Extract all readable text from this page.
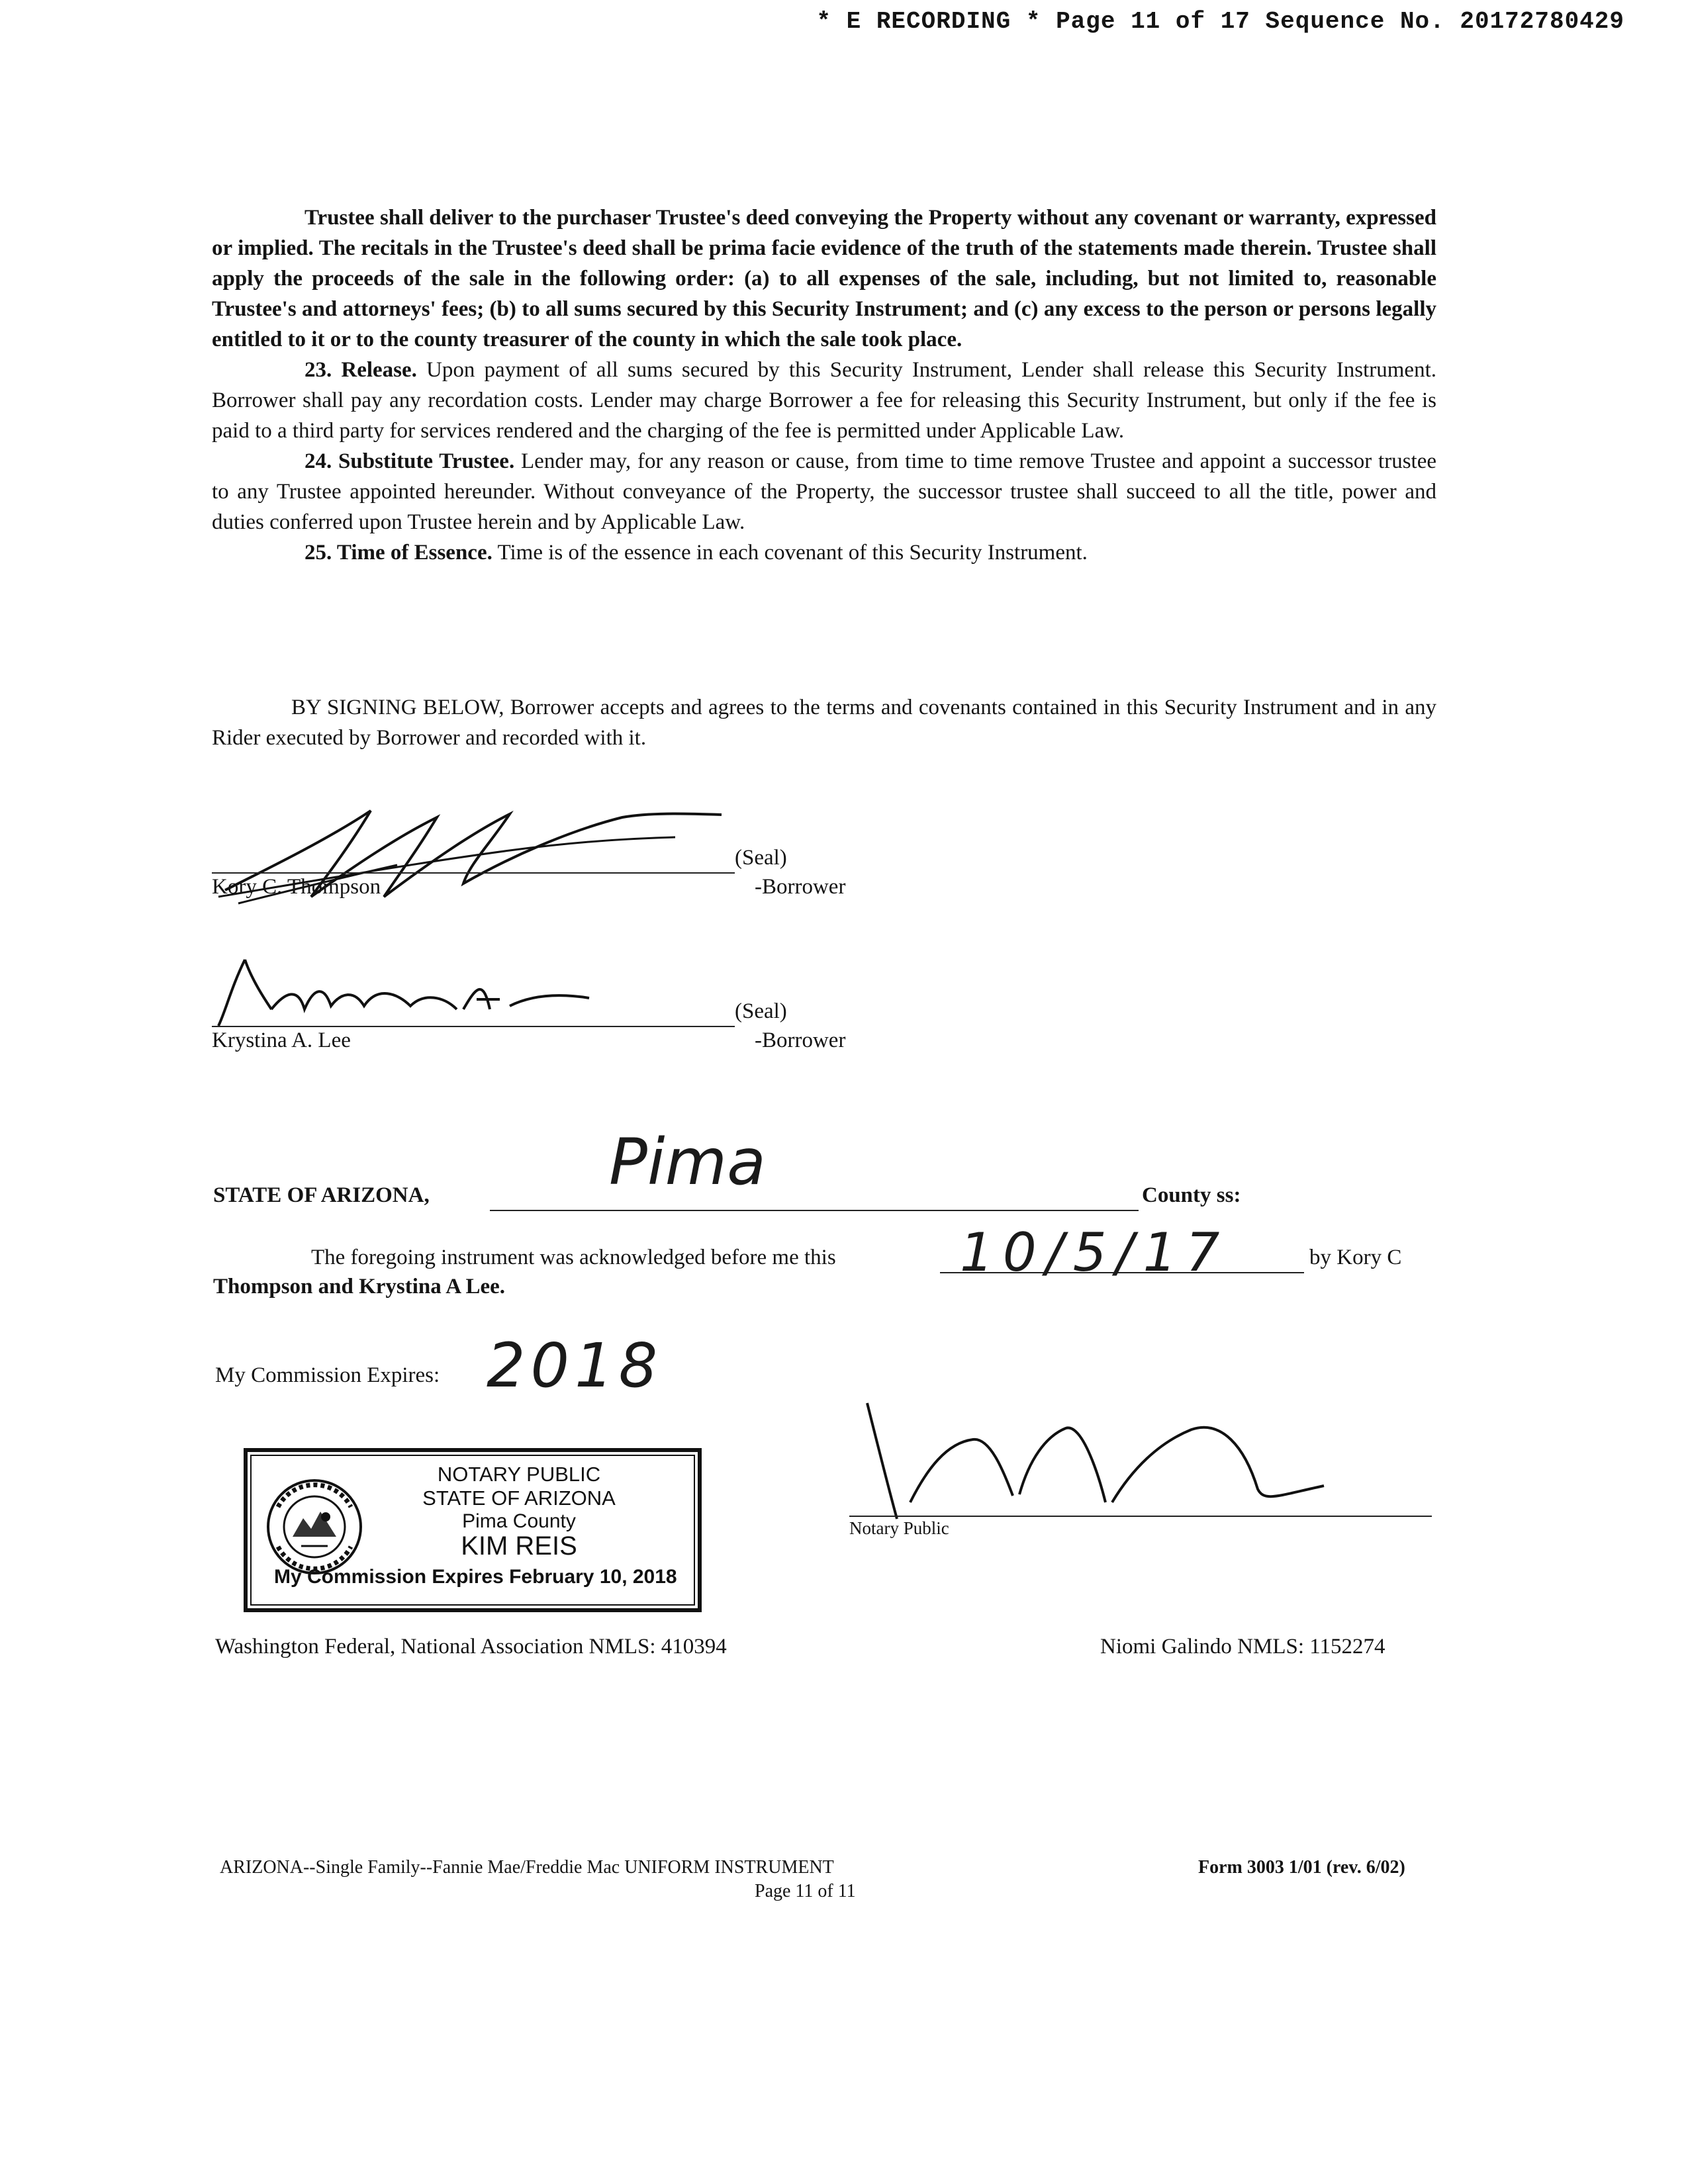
* E RECORDING * Page 11 of 17 Sequence No. 20172780429

Trustee shall deliver to the purchaser Trustee's deed conveying the Property without any covenant or warranty, expressed or implied. The recitals in the Trustee's deed shall be prima facie evidence of the truth of the statements made therein. Trustee shall apply the proceeds of the sale in the following order: (a) to all expenses of the sale, including, but not limited to, reasonable Trustee's and attorneys' fees; (b) to all sums secured by this Security Instrument; and (c) any excess to the person or persons legally entitled to it or to the county treasurer of the county in which the sale took place.

23. Release. Upon payment of all sums secured by this Security Instrument, Lender shall release this Security Instrument. Borrower shall pay any recordation costs. Lender may charge Borrower a fee for releasing this Security Instrument, but only if the fee is paid to a third party for services rendered and the charging of the fee is permitted under Applicable Law.

24. Substitute Trustee. Lender may, for any reason or cause, from time to time remove Trustee and appoint a successor trustee to any Trustee appointed hereunder. Without conveyance of the Property, the successor trustee shall succeed to all the title, power and duties conferred upon Trustee herein and by Applicable Law.

25. Time of Essence. Time is of the essence in each covenant of this Security Instrument.

BY SIGNING BELOW, Borrower accepts and agrees to the terms and covenants contained in this Security Instrument and in any Rider executed by Borrower and recorded with it.

(Seal)
Kory C. Thompson	-Borrower
(Seal)
Krystina A. Lee	-Borrower
STATE OF ARIZONA,	Pima	County ss:
The foregoing instrument was acknowledged before me this 10/5/17	by Kory C
Thompson and Krystina A Lee.
My Commission Expires: 2018
NOTARY PUBLIC
STATE OF ARIZONA
Pima County
KIM REIS
My Commission Expires February 10, 2018
Notary Public
Washington Federal, National Association NMLS: 410394	Niomi Galindo NMLS: 1152274
ARIZONA--Single Family--Fannie Mae/Freddie Mac UNIFORM INSTRUMENT	Form 3003 1/01 (rev. 6/02)
Page 11 of 11
